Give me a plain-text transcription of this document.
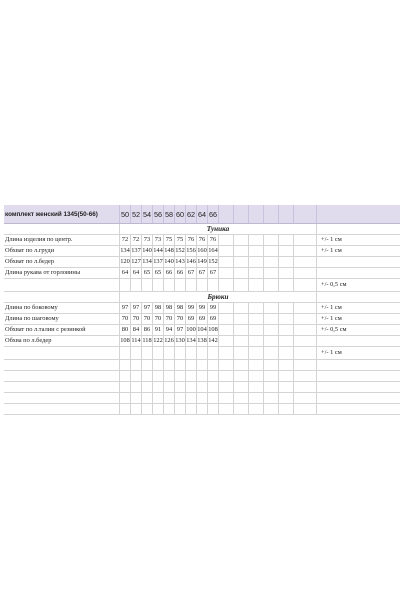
комплект женский 1345(50-66)	50 52 54 56 58 60 62 64 66
Туника
Длина изделия по центр.	72 72 73 73 75 75 76 76 76	+/- 1 см
Обхват по л.груди	134 137 140 144 148 152 156 160 164	+/- 1 см
Обхват по л.бедер	120 127 134 137 140 143 146 149 152
Длина рукава от горловины	64 64 65 65 66 66 67 67 67
+/- 0,5 см
Брюки
Длина по боковому	97 97 97 98 98 98 99 99 99	+/- 1 см
Длина по шаговому	70 70 70 70 70 70 69 69 69	+/- 1 см
Обхват по л.талии с резинкой	80 84 86 91 94 97 100 104 108	+/- 0,5 см
Обхва по л.бедер	108 114 118 122 126 130 134 138 142
+/- 1 см
